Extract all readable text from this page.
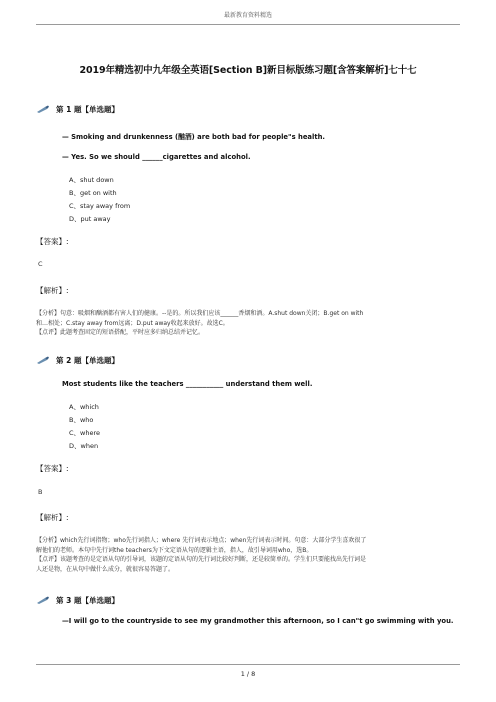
最新教育资料精选
2019年精选初中九年级全英语[Section B]新目标版练习题[含答案解析]七十七
第 1 题【单选题】
— Smoking and drunkenness (酗酒) are both bad for people"s health.
— Yes. So we should ______cigarettes and alcohol.
A、shut down
B、get on with
C、stay away from
D、put away
【答案】:
C
【解析】:

【分析】句意：吸烟和酗酒都有害人们的健康。--是的。所以我们应该______香烟和酒。A.shut down关闭；B.get on with

和…相处；C.stay away from远离；D.put away收起来放好。故选C。

【点评】此题考查固定的短语搭配，平时应多归纳总结并记忆。

第 2 题【单选题】
Most students like the teachers ___________ understand them well.
A、which
B、who
C、where
D、when
【答案】:
B
【解析】:

【分析】which先行词指物；who先行词指人；where 先行词表示地点；when先行词表示时间。句意：大部分学生喜欢很了

解他们的老师。本句中先行词the teachers为下文定语从句的逻辑主语，指人，故引导词用who，选B。

【点评】该题考查的是定语从句的引导词，该题的定语从句的先行词比较好判断，还是较简单的。学生们只要能找出先行词是

人还是物，在从句中做什么成分，就很容易答题了。

第 3 题【单选题】
—I will go to the countryside to see my grandmother this afternoon, so I can"t go swimming with you.
1 / 8
